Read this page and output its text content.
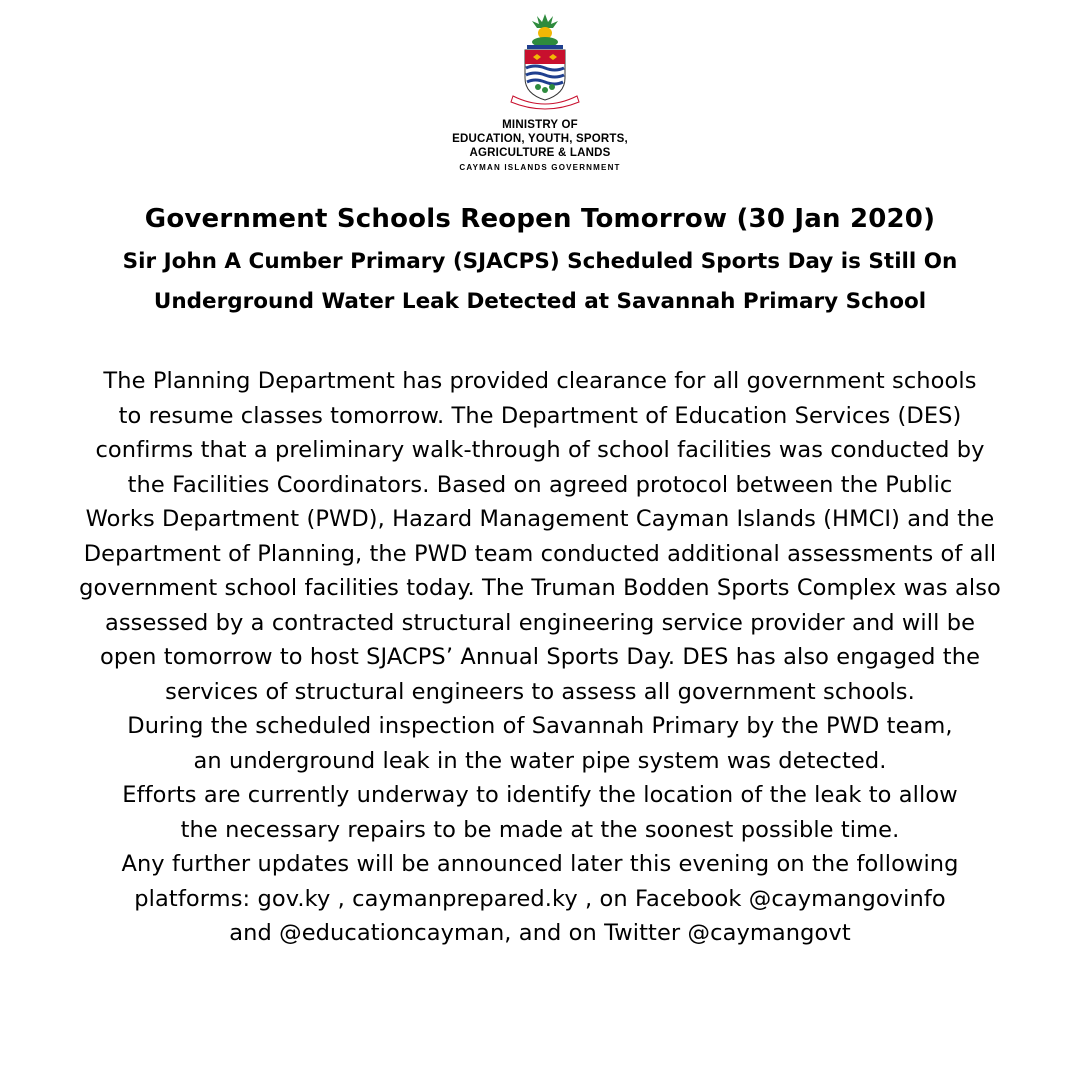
MINISTRY OF
EDUCATION, YOUTH, SPORTS,
AGRICULTURE & LANDS
CAYMAN ISLANDS GOVERNMENT
Government Schools Reopen Tomorrow (30 Jan 2020)
Sir John A Cumber Primary (SJACPS) Scheduled Sports Day is Still On
Underground Water Leak Detected at Savannah Primary School
The Planning Department has provided clearance for all government schools
to resume classes tomorrow. The Department of Education Services (DES)
confirms that a preliminary walk-through of school facilities was conducted by
the Facilities Coordinators. Based on agreed protocol between the Public
Works Department (PWD), Hazard Management Cayman Islands (HMCI) and the
Department of Planning, the PWD team conducted additional assessments of all
government school facilities today. The Truman Bodden Sports Complex was also
assessed by a contracted structural engineering service provider and will be
open tomorrow to host SJACPS’ Annual Sports Day. DES has also engaged the
services of structural engineers to assess all government schools.
During the scheduled inspection of Savannah Primary by the PWD team,
an underground leak in the water pipe system was detected.
Efforts are currently underway to identify the location of the leak to allow
the necessary repairs to be made at the soonest possible time.
Any further updates will be announced later this evening on the following
platforms: gov.ky , caymanprepared.ky , on Facebook @caymangovinfo
and @educationcayman, and on Twitter @caymangovt
